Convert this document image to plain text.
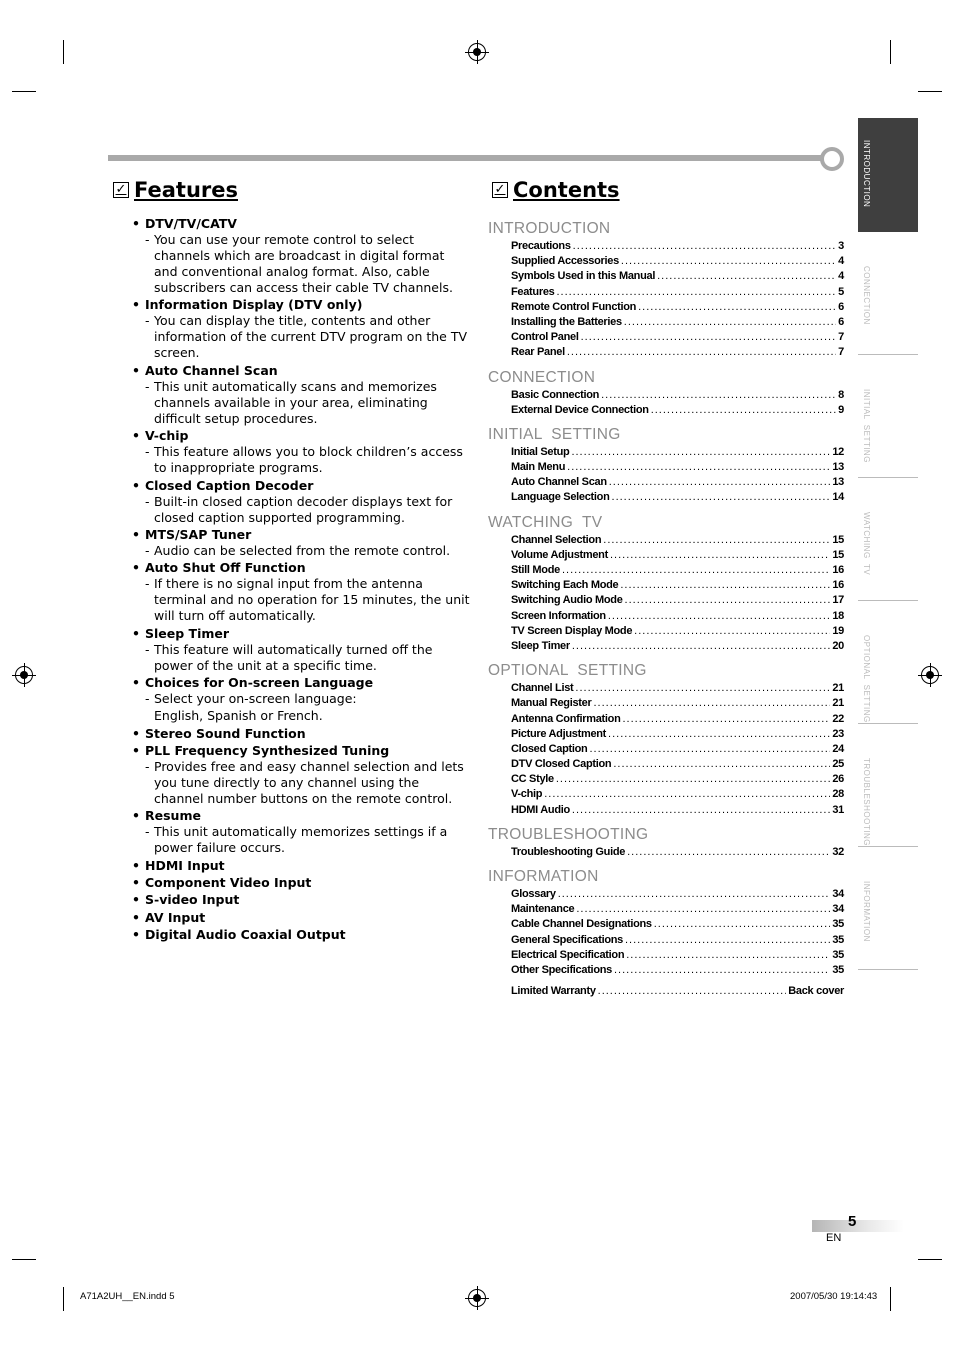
✓ Features	✓ Contents
• DTV/TV/CATV
- You can use your remote control to select channels which are broadcast in digital format and conventional analog format. Also, cable subscribers can access their cable TV channels.
• Information Display (DTV only)
- You can display the title, contents and other information of the current DTV program on the TV screen.
• Auto Channel Scan
- This unit automatically scans and memorizes channels available in your area, eliminating difficult setup procedures.
• V-chip
- This feature allows you to block children’s access to inappropriate programs.
• Closed Caption Decoder
- Built-in closed caption decoder displays text for closed caption supported programming.
• MTS/SAP Tuner
- Audio can be selected from the remote control.
• Auto Shut Off Function
- If there is no signal input from the antenna terminal and no operation for 15 minutes, the unit will turn off automatically.
• Sleep Timer
- This feature will automatically turned off the power of the unit at a specific time.
• Choices for On-screen Language
- Select your on-screen language:
English, Spanish or French.
• Stereo Sound Function
• PLL Frequency Synthesized Tuning
- Provides free and easy channel selection and lets you tune directly to any channel using the channel number buttons on the remote control.
• Resume
- This unit automatically memorizes settings if a power failure occurs.
• HDMI Input
• Component Video Input
• S-video Input
• AV Input
• Digital Audio Coaxial Output
INTRODUCTION
Precautions .....	3
Supplied Accessories .....	4
Symbols Used in this Manual .....	4
Features .....	5
Remote Control Function .....	6
Installing the Batteries .....	6
Control Panel .....	7
Rear Panel .....	7
CONNECTION
Basic Connection .....	8
External Device Connection .....	9
INITIAL  SETTING
Initial Setup .....	12
Main Menu .....	13
Auto Channel Scan .....	13
Language Selection .....	14
WATCHING  TV
Channel Selection .....	15
Volume Adjustment .....	15
Still Mode .....	16
Switching Each Mode .....	16
Switching Audio Mode .....	17
Screen Information .....	18
TV Screen Display Mode .....	19
Sleep Timer .....	20
OPTIONAL  SETTING
Channel List .....	21
Manual Register .....	21
Antenna Confirmation .....	22
Picture Adjustment .....	23
Closed Caption .....	24
DTV Closed Caption .....	25
CC Style .....	26
V-chip .....	28
HDMI Audio .....	31
TROUBLESHOOTING
Troubleshooting Guide .....	32
INFORMATION
Glossary .....	34
Maintenance .....	34
Cable Channel Designations .....	35
General Specifications .....	35
Electrical Specification .....	35
Other Specifications .....	35
Limited Warranty .....	Back cover
INTRODUCTION
CONNECTION
INITIAL  SETTING
WATCHING  TV
OPTIONAL  SETTING
TROUBLESHOOTING
INFORMATION
5
EN
A71A2UH__EN.indd 5	2007/05/30 19:14:43
